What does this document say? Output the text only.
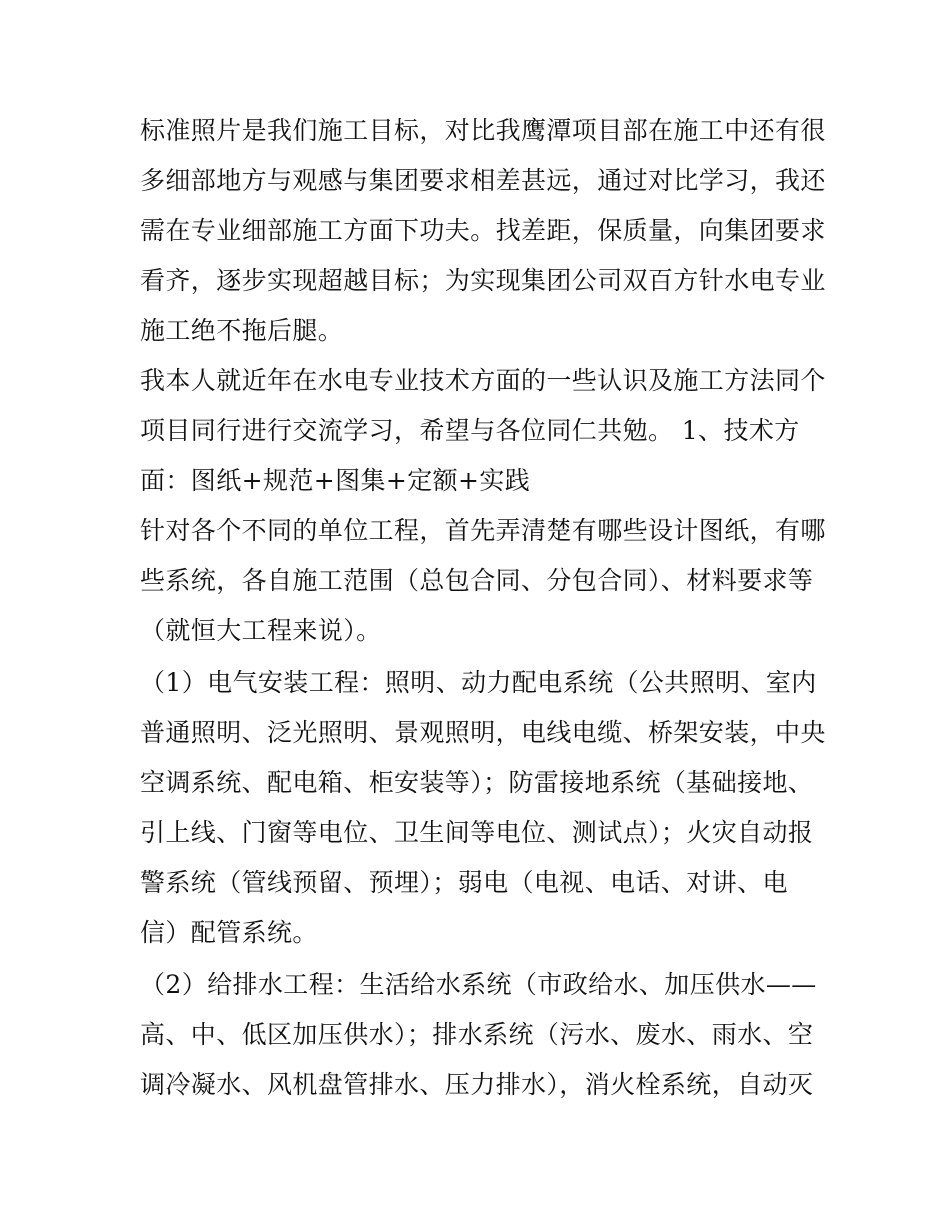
标准照片是我们施工目标，对比我鹰潭项目部在施工中还有很
多细部地方与观感与集团要求相差甚远，通过对比学习，我还
需在专业细部施工方面下功夫。找差距，保质量，向集团要求
看齐，逐步实现超越目标；为实现集团公司双百方针水电专业
施工绝不拖后腿。
我本人就近年在水电专业技术方面的一些认识及施工方法同个
项目同行进行交流学习，希望与各位同仁共勉。 1、技术方
面：图纸+规范+图集+定额+实践
针对各个不同的单位工程，首先弄清楚有哪些设计图纸，有哪
些系统，各自施工范围（总包合同、分包合同）、材料要求等
（就恒大工程来说）。
（1）电气安装工程：照明、动力配电系统（公共照明、室内
普通照明、泛光照明、景观照明，电线电缆、桥架安装，中央
空调系统、配电箱、柜安装等）；防雷接地系统（基础接地、
引上线、门窗等电位、卫生间等电位、测试点）；火灾自动报
警系统（管线预留、预埋）；弱电（电视、电话、对讲、电
信）配管系统。
（2）给排水工程：生活给水系统（市政给水、加压供水——
高、中、低区加压供水）；排水系统（污水、废水、雨水、空
调冷凝水、风机盘管排水、压力排水），消火栓系统，自动灭
